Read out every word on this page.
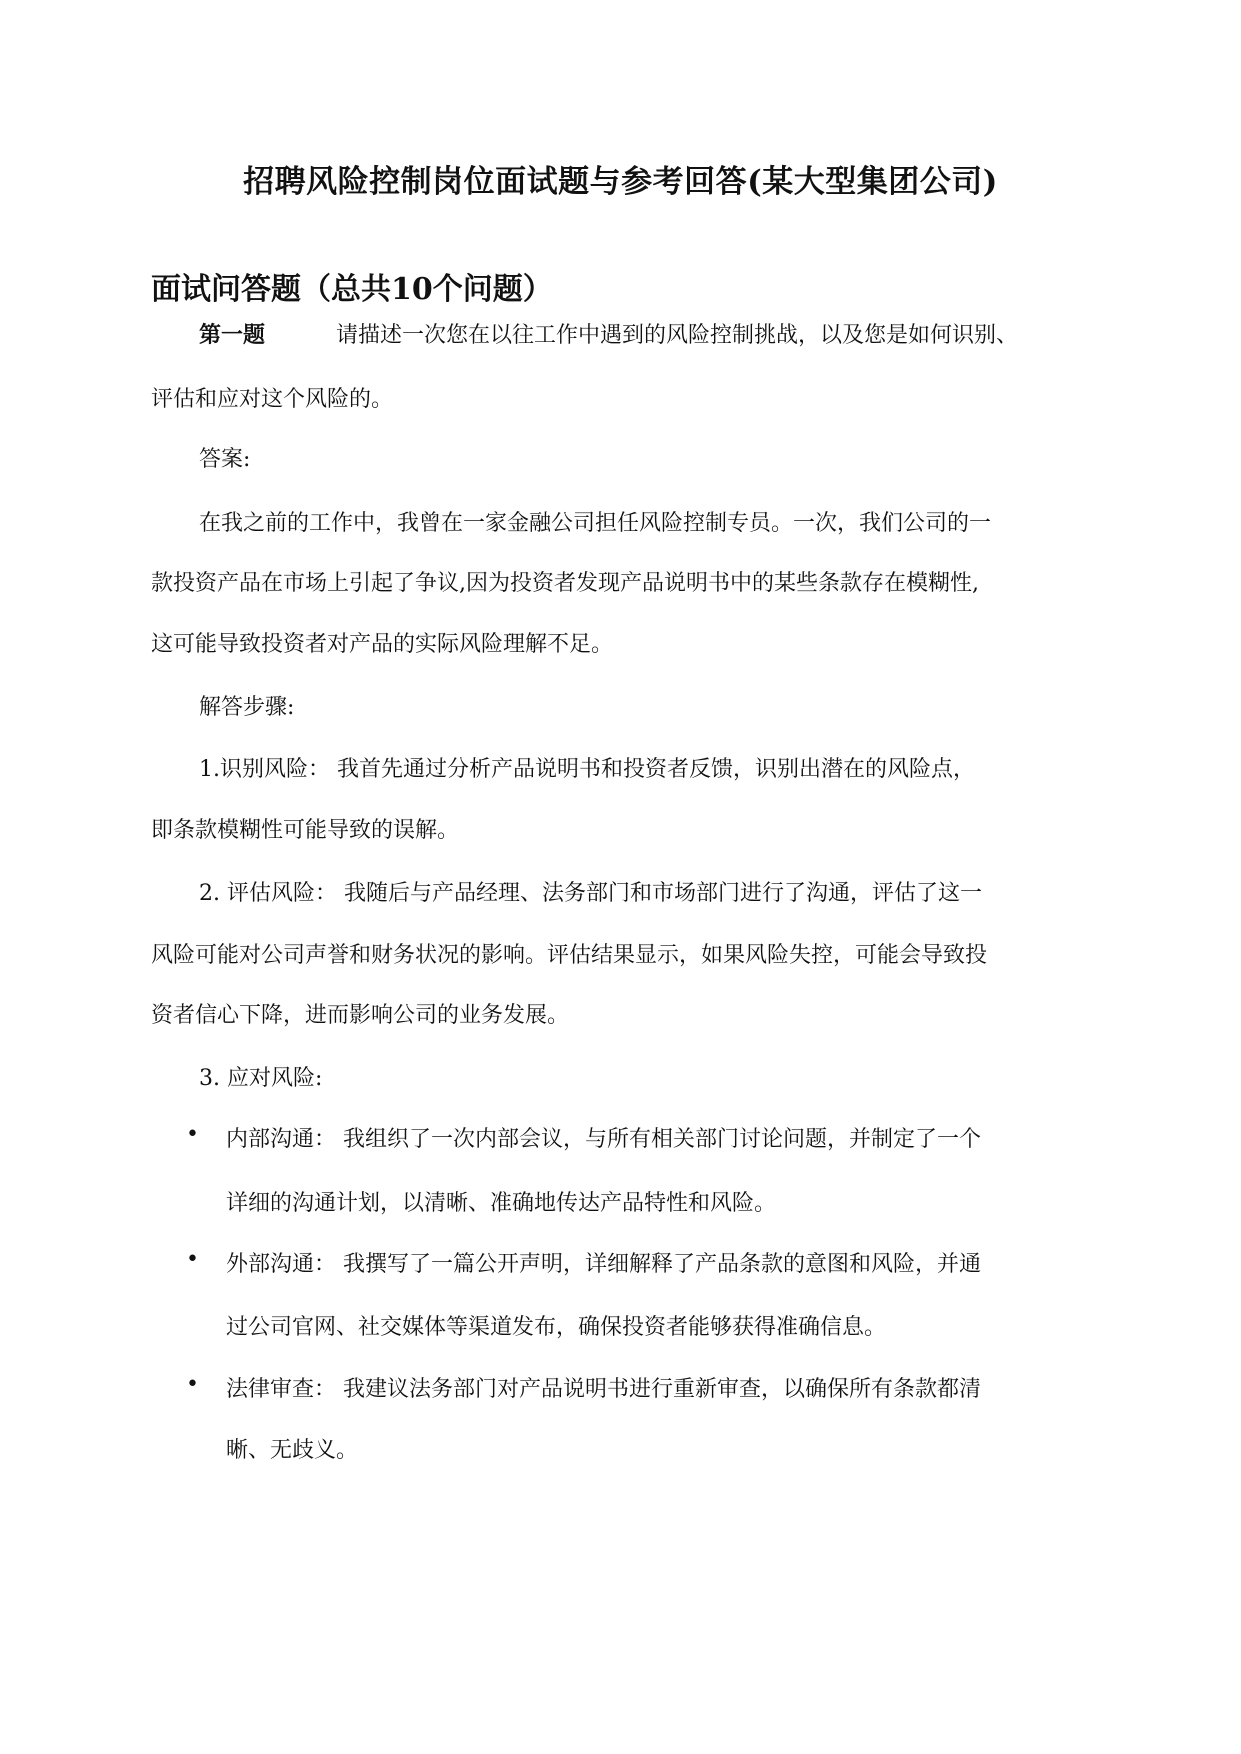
招聘风险控制岗位面试题与参考回答(某大型集团公司)
面试问答题（总共10个问题）
第一题	请描述一次您在以往工作中遇到的风险控制挑战，以及您是如何识别、
评估和应对这个风险的。
答案:
在我之前的工作中，我曾在一家金融公司担任风险控制专员。一次，我们公司的一
款投资产品在市场上引起了争议,因为投资者发现产品说明书中的某些条款存在模糊性,
这可能导致投资者对产品的实际风险理解不足。
解答步骤:
1.识别风险： 我首先通过分析产品说明书和投资者反馈，识别出潜在的风险点，
即条款模糊性可能导致的误解。
2. 评估风险： 我随后与产品经理、法务部门和市场部门进行了沟通，评估了这一
风险可能对公司声誉和财务状况的影响。评估结果显示，如果风险失控，可能会导致投
资者信心下降，进而影响公司的业务发展。
3. 应对风险:
• 内部沟通： 我组织了一次内部会议，与所有相关部门讨论问题，并制定了一个
详细的沟通计划，以清晰、准确地传达产品特性和风险。
• 外部沟通： 我撰写了一篇公开声明，详细解释了产品条款的意图和风险，并通
过公司官网、社交媒体等渠道发布，确保投资者能够获得准确信息。
• 法律审查： 我建议法务部门对产品说明书进行重新审查，以确保所有条款都清
晰、无歧义。
